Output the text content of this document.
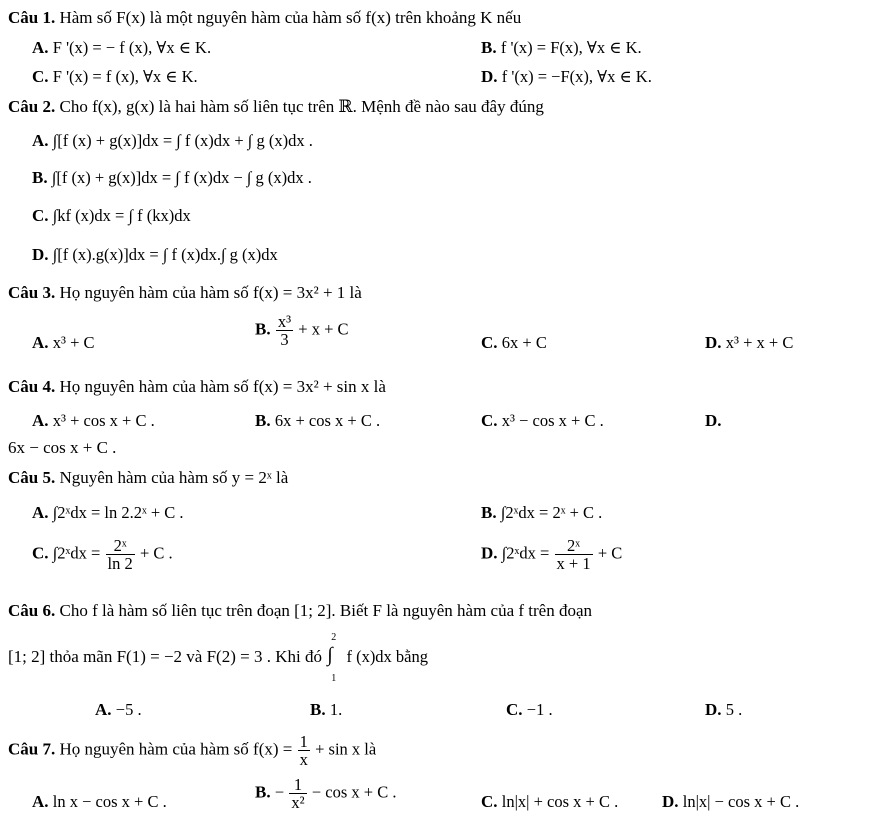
Câu 1. Hàm số F(x) là một nguyên hàm của hàm số f(x) trên khoảng K nếu
A. F '(x) = − f (x), ∀x ∈ K.	B. f '(x) = F(x), ∀x ∈ K.
C. F '(x) = f (x), ∀x ∈ K.	D. f '(x) = −F(x), ∀x ∈ K.
Câu 2. Cho f(x), g(x) là hai hàm số liên tục trên ℝ. Mệnh đề nào sau đây đúng
A. ∫[f (x) + g(x)]dx = ∫ f (x)dx + ∫ g (x)dx .
B. ∫[f (x) + g(x)]dx = ∫ f (x)dx − ∫ g (x)dx .
C. ∫kf (x)dx = ∫ f (kx)dx
D. ∫[f (x).g(x)]dx = ∫ f (x)dx.∫ g (x)dx
Câu 3. Họ nguyên hàm của hàm số f(x) = 3x² + 1 là
A. x³ + C
B. $\frac{\text{x³}}{3} + x + C$
C. 6x + C	D. x³ + x + C
Câu 4. Họ nguyên hàm của hàm số f(x) = 3x² + sin x là
A. x³ + cos x + C .	B. 6x + cos x + C .	C. x³ − cos x + C .	D.
6x − cos x + C .
Câu 5. Nguyên hàm của hàm số y = 2ˣ là
A. ∫2ˣdx = ln 2.2ˣ + C .	B. ∫2ˣdx = 2ˣ + C .
C. ∫2ˣdx = $\frac{\text{2ˣ}}{\ln 2} + C$ .	D. ∫2ˣdx = $\frac{\text{2ˣ}}{x + 1} + C$
Câu 6. Cho f là hàm số liên tục trên đoạn [1; 2]. Biết F là nguyên hàm của f trên đoạn
[1; 2] thỏa mãn F(1) = −2 và F(2) = 3 . Khi đó
2
∫
1
f (x)dx bằng
A. −5 .	B. 1.	C. −1 .	D. 5 .
Câu 7. Họ nguyên hàm của hàm số $f(x) = \frac{1}{x} + \sin x$ là
A. ln x − cos x + C .	B. − $\frac{1}{\text{x²}} - \cos x + C$ .	C. ln|x| + cos x + C .	D. ln|x| − cos x + C .
